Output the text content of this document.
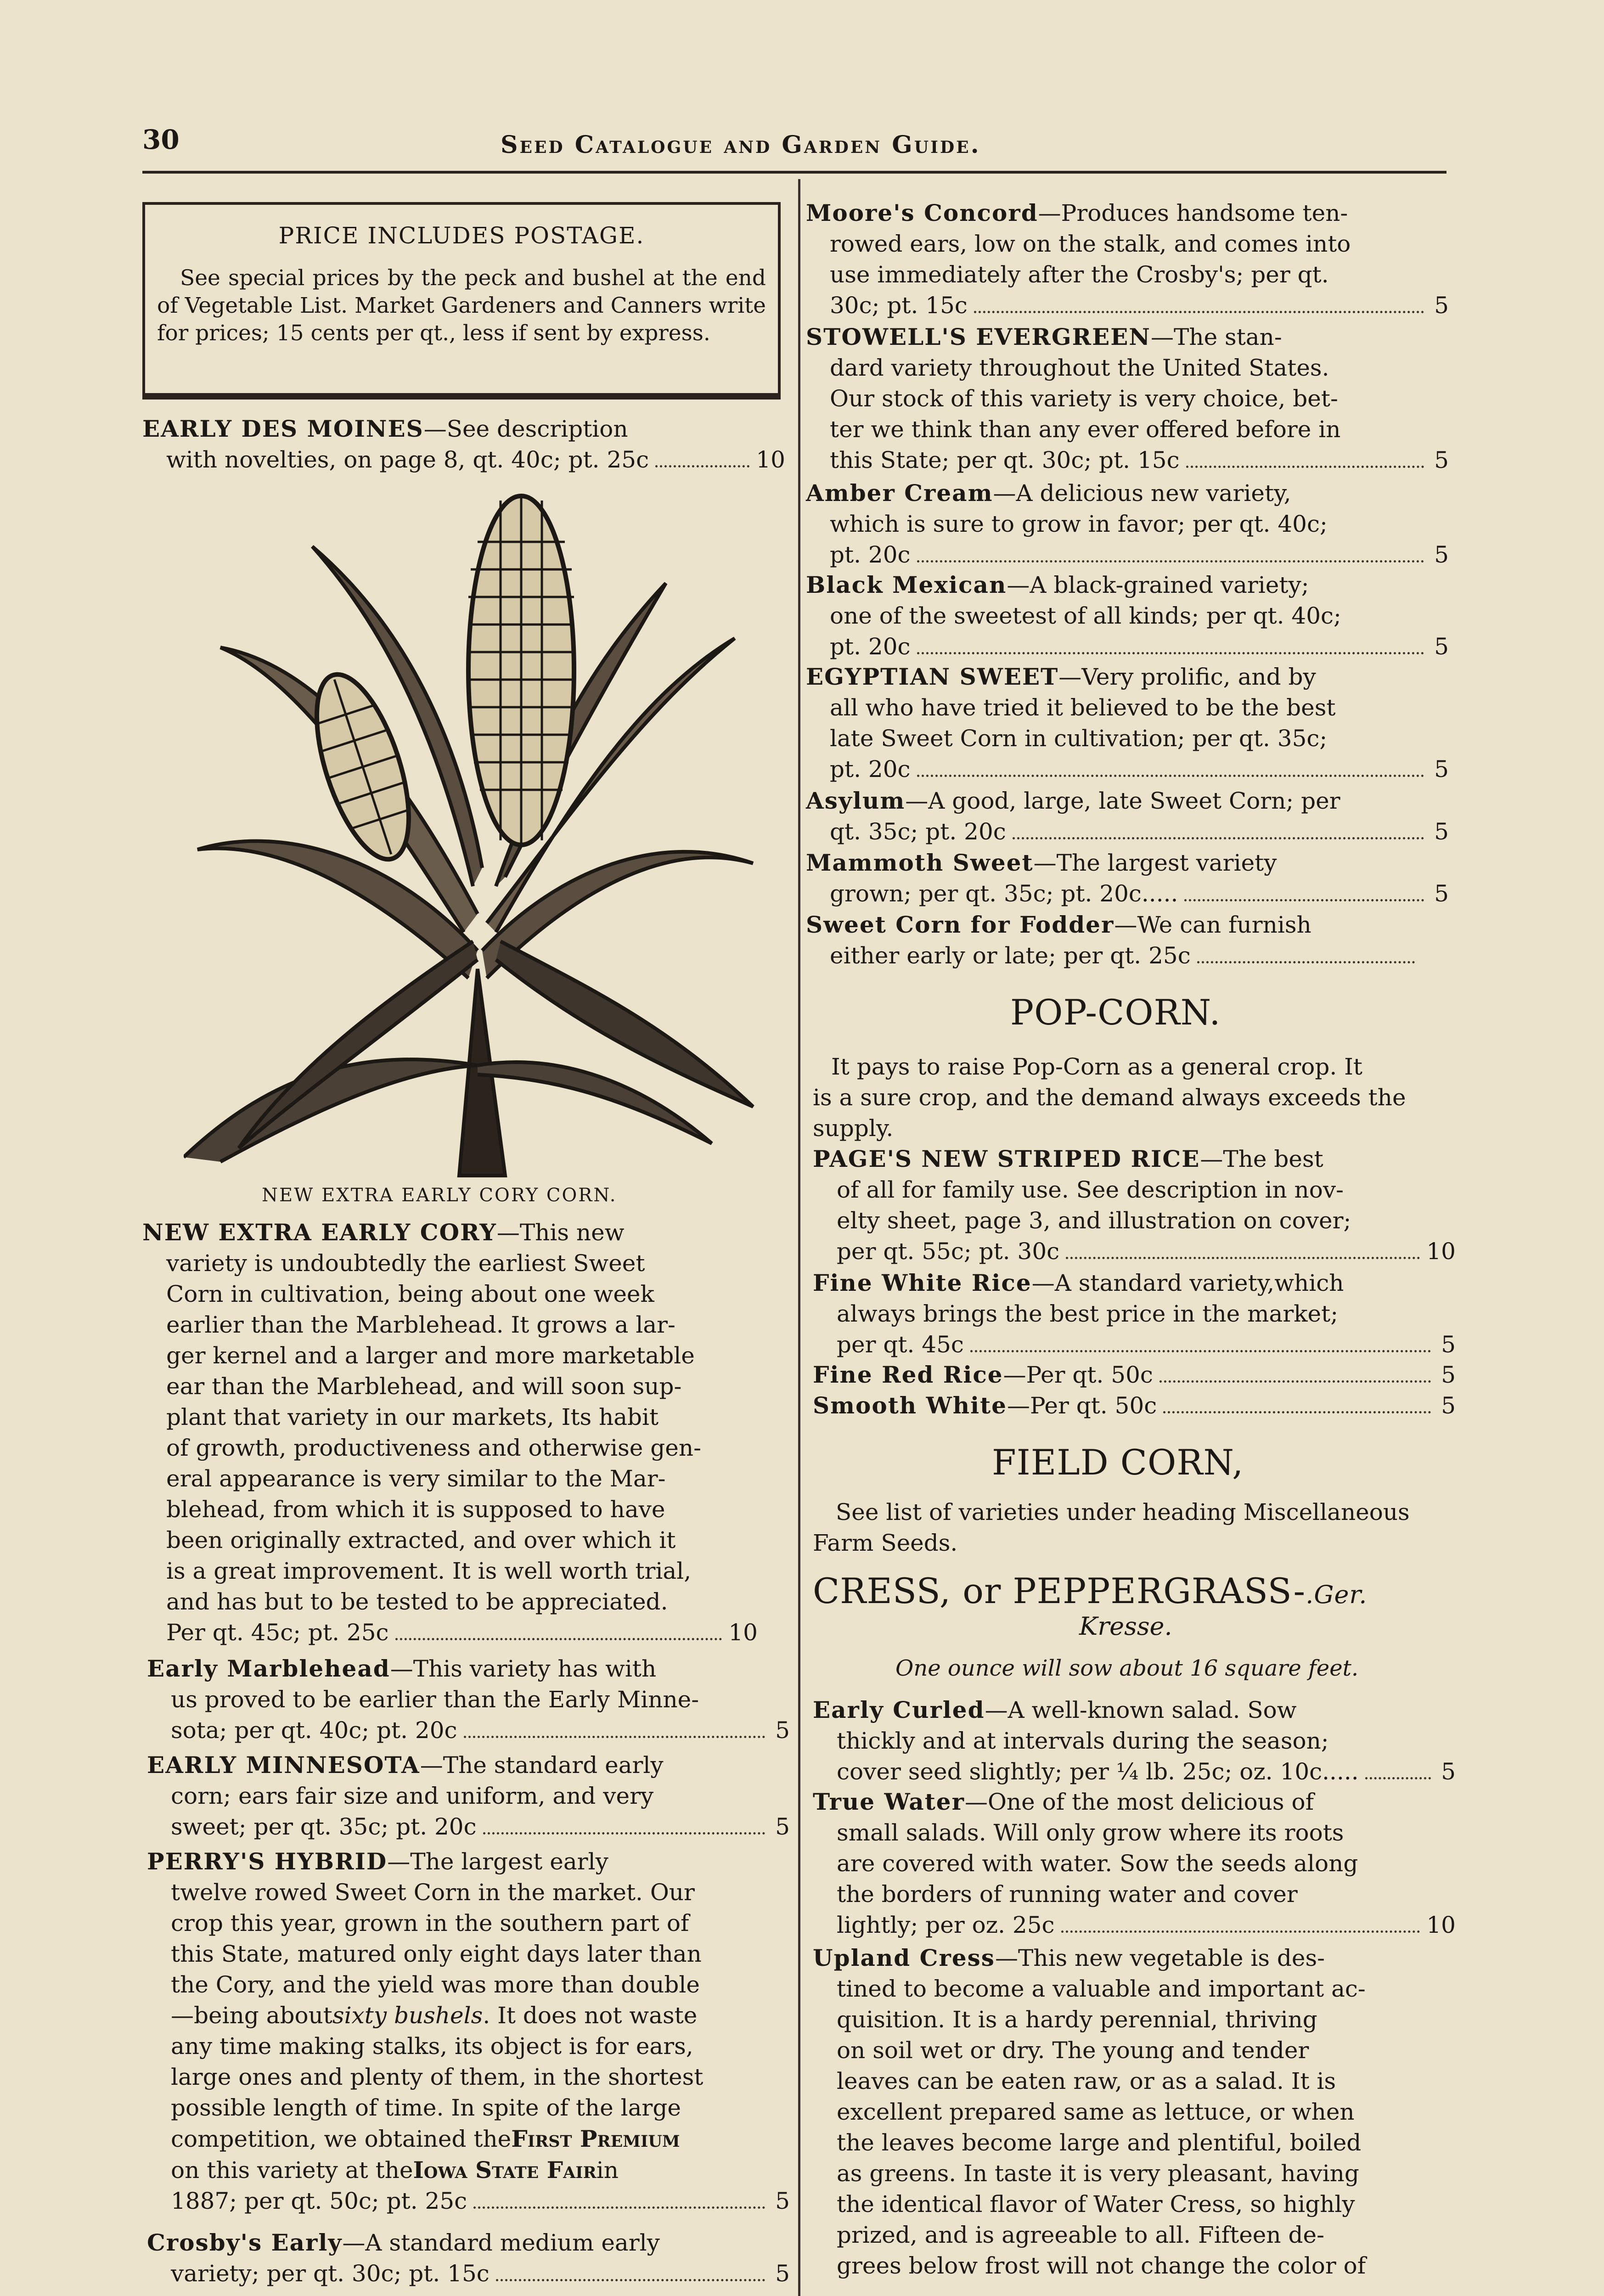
30	Seed Catalogue and Garden Guide.
PRICE INCLUDES POSTAGE.
See special prices by the peck and bushel at the end of Vegetable List. Market Gardeners and Canners write for prices; 15 cents per qt., less if sent by express.
EARLY DES MOINES —See description
with novelties, on page 8, qt. 40c; pt. 25c	10
NEW EXTRA EARLY CORY CORN.
NEW EXTRA EARLY CORY —This new
variety is undoubtedly the earliest Sweet
Corn in cultivation, being about one week
earlier than the Marblehead. It grows a lar-
ger kernel and a larger and more marketable
ear than the Marblehead, and will soon sup-
plant that variety in our markets, Its habit
of growth, productiveness and otherwise gen-
eral appearance is very similar to the Mar-
blehead, from which it is supposed to have
been originally extracted, and over which it
is a great improvement. It is well worth trial,
and has but to be tested to be appreciated.
Per qt. 45c; pt. 25c	10
Early Marblehead —This variety has with
us proved to be earlier than the Early Minne-
sota; per qt. 40c; pt. 20c	5
EARLY MINNESOTA —The standard early
corn; ears fair size and uniform, and very
sweet; per qt. 35c; pt. 20c	5
PERRY'S HYBRID —The largest early
twelve rowed Sweet Corn in the market. Our
crop this year, grown in the southern part of
this State, matured only eight days later than
the Cory, and the yield was more than double
—being about sixty bushels . It does not waste
any time making stalks, its object is for ears,
large ones and plenty of them, in the shortest
possible length of time. In spite of the large
competition, we obtained the First Premium
on this variety at the Iowa State Fair in
1887; per qt. 50c; pt. 25c	5
Crosby's Early —A standard medium early
variety; per qt. 30c; pt. 15c	5
Moore's Concord —Produces handsome ten-
rowed ears, low on the stalk, and comes into
use immediately after the Crosby's; per qt.
30c; pt. 15c	5
STOWELL'S EVERGREEN —The stan-
dard variety throughout the United States.
Our stock of this variety is very choice, bet-
ter we think than any ever offered before in
this State; per qt. 30c; pt. 15c	5
Amber Cream —A delicious new variety,
which is sure to grow in favor; per qt. 40c;
pt. 20c	5
Black Mexican —A black-grained variety;
one of the sweetest of all kinds; per qt. 40c;
pt. 20c	5
EGYPTIAN SWEET —Very prolific, and by
all who have tried it believed to be the best
late Sweet Corn in cultivation; per qt. 35c;
pt. 20c	5
Asylum —A good, large, late Sweet Corn; per
qt. 35c; pt. 20c	5
Mammoth Sweet —The largest variety
grown; per qt. 35c; pt. 20c.....	5
Sweet Corn for Fodder —We can furnish
either early or late; per qt. 25c
POP-CORN.
It pays to raise Pop-Corn as a general crop. It
is a sure crop, and the demand always exceeds the
supply.
PAGE'S NEW STRIPED RICE —The best
of all for family use. See description in nov-
elty sheet, page 3, and illustration on cover;
per qt. 55c; pt. 30c	10
Fine White Rice —A standard variety,which
always brings the best price in the market;
per qt. 45c	5
Fine Red Rice —Per qt. 50c	5
Smooth White —Per qt. 50c	5
FIELD CORN,
See list of varieties under heading Miscellaneous
Farm Seeds.
CRESS, or PEPPERGRASS-.Ger.
Kresse.
One ounce will sow about 16 square feet.
Early Curled —A well-known salad. Sow
thickly and at intervals during the season;
cover seed slightly; per ¼ lb. 25c; oz. 10c.....	5
True Water —One of the most delicious of
small salads. Will only grow where its roots
are covered with water. Sow the seeds along
the borders of running water and cover
lightly; per oz. 25c	10
Upland Cress —This new vegetable is des-
tined to become a valuable and important ac-
quisition. It is a hardy perennial, thriving
on soil wet or dry. The young and tender
leaves can be eaten raw, or as a salad. It is
excellent prepared same as lettuce, or when
the leaves become large and plentiful, boiled
as greens. In taste it is very pleasant, having
the identical flavor of Water Cress, so highly
prized, and is agreeable to all. Fifteen de-
grees below frost will not change the color of
